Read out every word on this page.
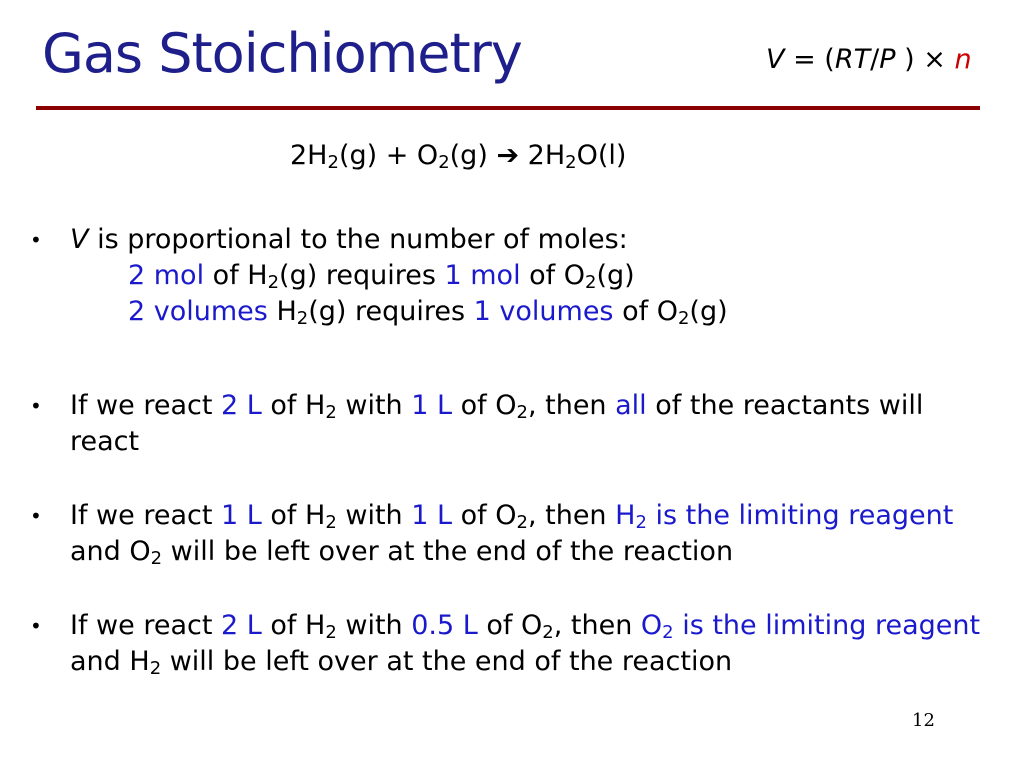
Gas Stoichiometry	V = (RT/P ) × n
$2H_2(g) + O_2(g)$ ➔ $2H_2O(l)$
• V is proportional to the number of moles:
2 mol of $H_2(g)$ requires 1 mol of $O_2(g)$
2 volumes $H_2(g)$ requires 1 volumes of $O_2(g)$
• If we react 2 L of $H_2$ with 1 L of $O_2$, then all of the reactants will react
• If we react 1 L of $H_2$ with 1 L of $O_2$, then $H_2$ is the limiting reagent and $O_2$ will be left over at the end of the reaction
• If we react 2 L of $H_2$ with 0.5 L of $O_2$, then $O_2$ is the limiting reagent and $H_2$ will be left over at the end of the reaction
12
